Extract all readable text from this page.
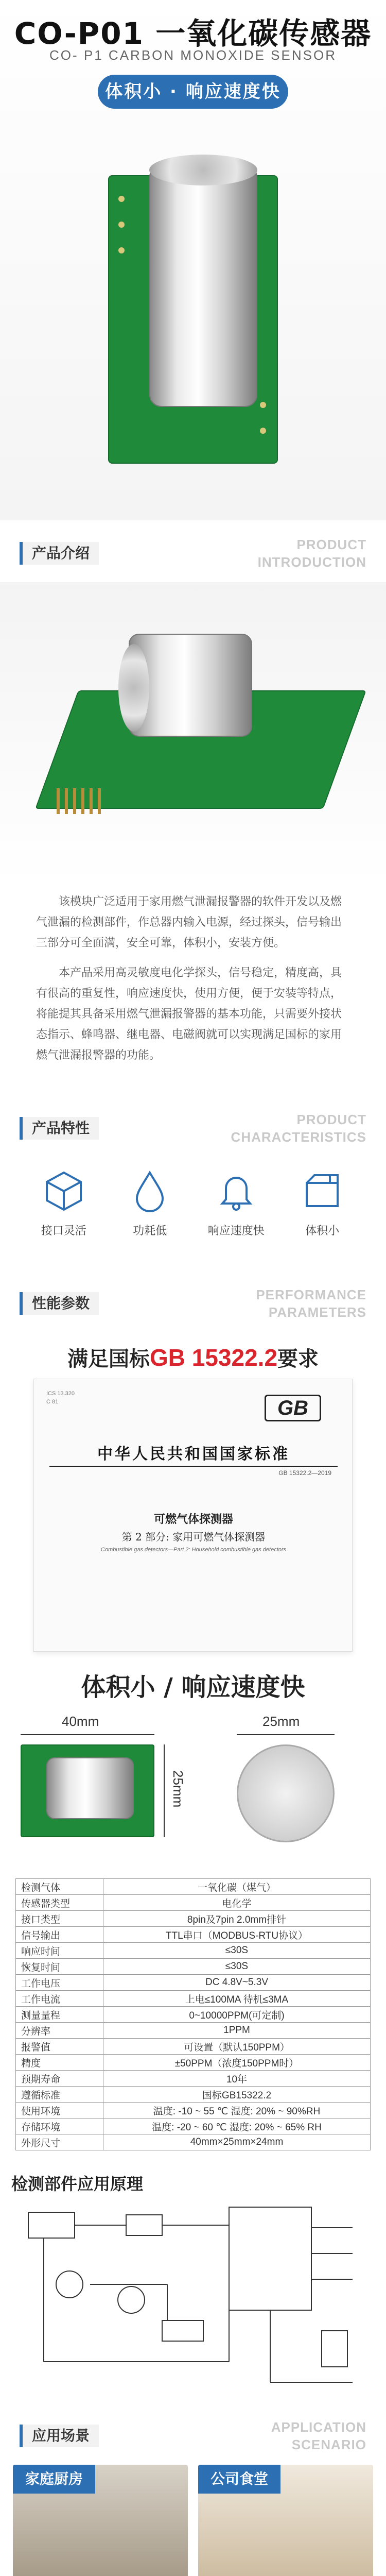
CO-P01 一氧化碳传感器
CO- P1 CARBON MONOXIDE SENSOR
体积小 · 响应速度快
产品介绍
PRODUCT
INTRODUCTION

该模块广泛适用于家用燃气泄漏报警器的软件开发以及燃气泄漏的检测部件，作总器内输入电源，经过探头，信号输出三部分可全面满，安全可靠，体积小，安装方便。

本产品采用高灵敏度电化学探头，信号稳定，精度高，具有很高的重复性，响应速度快，使用方便，便于安装等特点，将能提其具备采用燃气泄漏报警器的基本功能，只需要外接状态指示、蜂鸣器、继电器、电磁阀就可以实现满足国标的家用燃气泄漏报警器的功能。

产品特性
PRODUCT
CHARACTERISTICS
接口灵活	功耗低	响应速度快	体积小
性能参数
PERFORMANCE
PARAMETERS
满足国标GB 15322.2要求
ICS 13.320
C 81	GB
中华人民共和国国家标准
GB 15322.2—2019
可燃气体探测器
第 2 部分: 家用可燃气体探测器
Combustible gas detectors—Part 2: Household combustible gas detectors
体积小 / 响应速度快
40mm
25mm
25mm
检测气体	一氧化碳（煤气）
传感器类型	电化学
接口类型	8pin及7pin 2.0mm排针
信号输出	TTL串口（MODBUS-RTU协议）
响应时间	≤30S
恢复时间	≤30S
工作电压	DC 4.8V~5.3V
工作电流	上电≤100MA 待机≤3MA
测量量程	0~10000PPM(可定制)
分辨率	1PPM
报警值	可设置（默认150PPM）
精度	±50PPM（浓度150PPM时）
预期寿命	10年
遵循标准	国标GB15322.2
使用环境	温度: -10 ~ 55 ℃ 湿度: 20% ~ 90%RH
存储环境	温度: -20 ~ 60 ℃ 湿度: 20% ~ 65% RH
外形尺寸	40mm×25mm×24mm
检测部件应用原理
应用场景
APPLICATION
SCENARIO
家庭厨房	公司食堂
